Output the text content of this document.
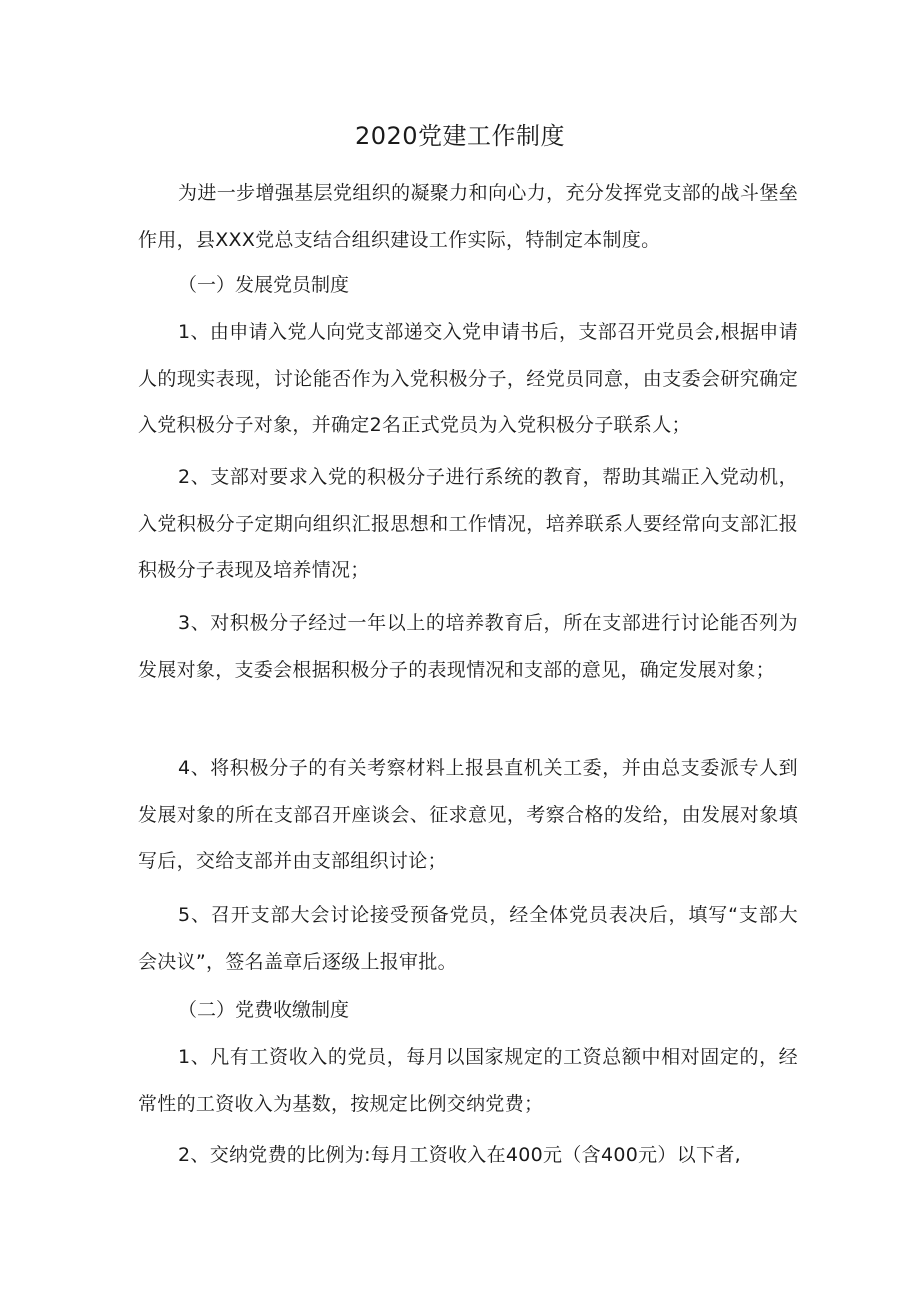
2020党建工作制度

为进一步增强基层党组织的凝聚力和向心力，充分发挥党支部的战斗堡垒作用，县XXX党总支结合组织建设工作实际，特制定本制度。

（一）发展党员制度

1、由申请入党人向党支部递交入党申请书后，支部召开党员会,根据申请人的现实表现，讨论能否作为入党积极分子，经党员同意，由支委会研究确定入党积极分子对象，并确定2名正式党员为入党积极分子联系人；

2、支部对要求入党的积极分子进行系统的教育，帮助其端正入党动机，入党积极分子定期向组织汇报思想和工作情况，培养联系人要经常向支部汇报积极分子表现及培养情况；

3、对积极分子经过一年以上的培养教育后，所在支部进行讨论能否列为发展对象，支委会根据积极分子的表现情况和支部的意见，确定发展对象；

4、将积极分子的有关考察材料上报县直机关工委，并由总支委派专人到发展对象的所在支部召开座谈会、征求意见，考察合格的发给，由发展对象填写后，交给支部并由支部组织讨论；

5、召开支部大会讨论接受预备党员，经全体党员表决后，填写“支部大会决议”，签名盖章后逐级上报审批。

（二）党费收缴制度

1、凡有工资收入的党员，每月以国家规定的工资总额中相对固定的，经常性的工资收入为基数，按规定比例交纳党费；

2、交纳党费的比例为:每月工资收入在400元（含400元）以下者,
